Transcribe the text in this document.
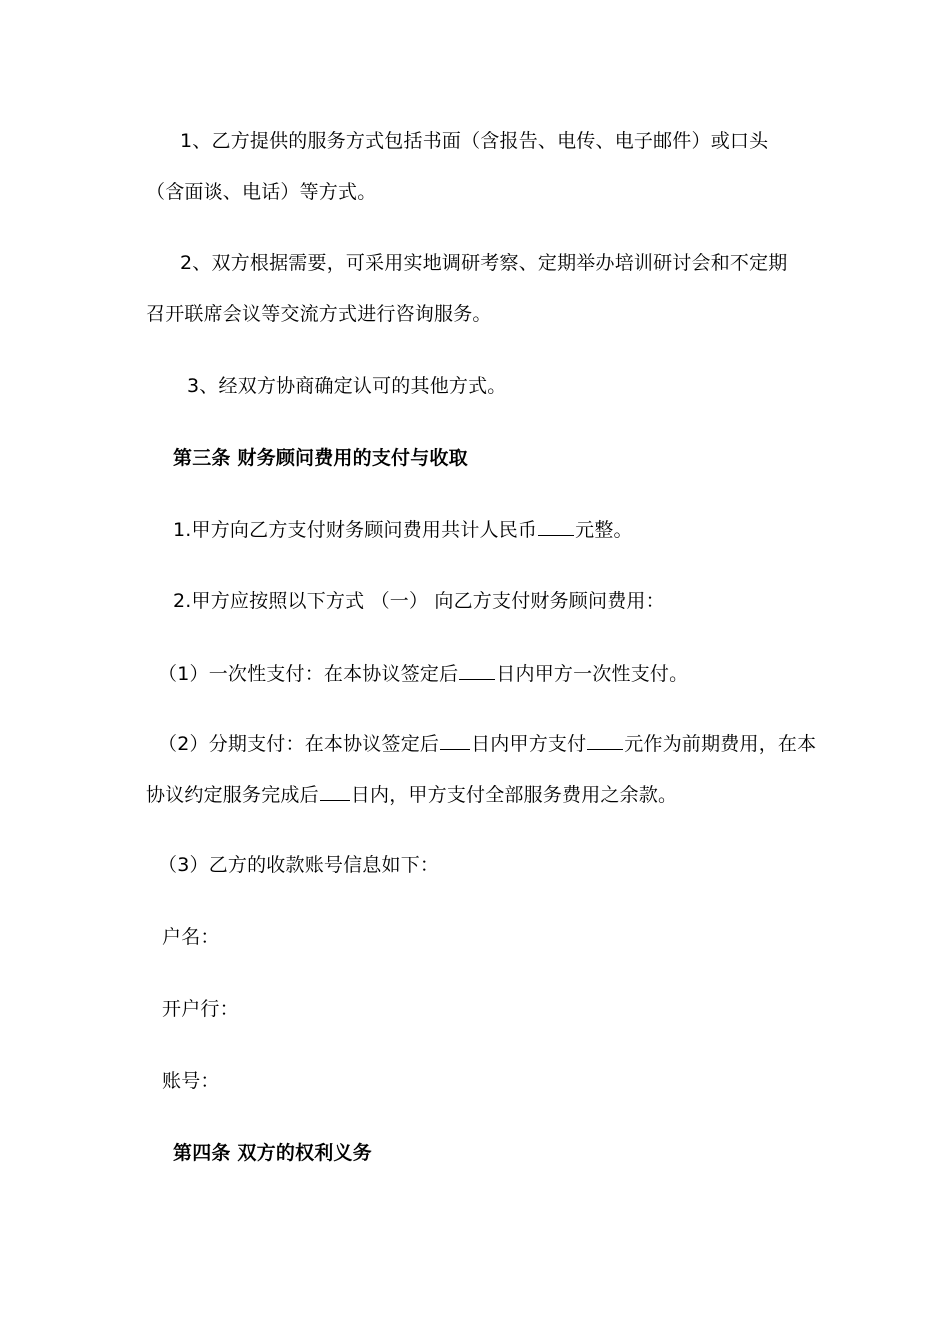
1、乙方提供的服务方式包括书面（含报告、电传、电子邮件）或口头
（含面谈、电话）等方式。
2、双方根据需要，可采用实地调研考察、定期举办培训研讨会和不定期
召开联席会议等交流方式进行咨询服务。
3、经双方协商确定认可的其他方式。
第三条 财务顾问费用的支付与收取
1.甲方向乙方支付财务顾问费用共计人民币 元整。
2.甲方应按照以下方式 （一） 向乙方支付财务顾问费用：
（1）一次性支付：在本协议签定后 日内甲方一次性支付。
（2）分期支付：在本协议签定后 日内甲方支付 元作为前期费用，在本
协议约定服务完成后 日内，甲方支付全部服务费用之余款。
（3）乙方的收款账号信息如下：
户名：
开户行：
账号：
第四条 双方的权利义务
